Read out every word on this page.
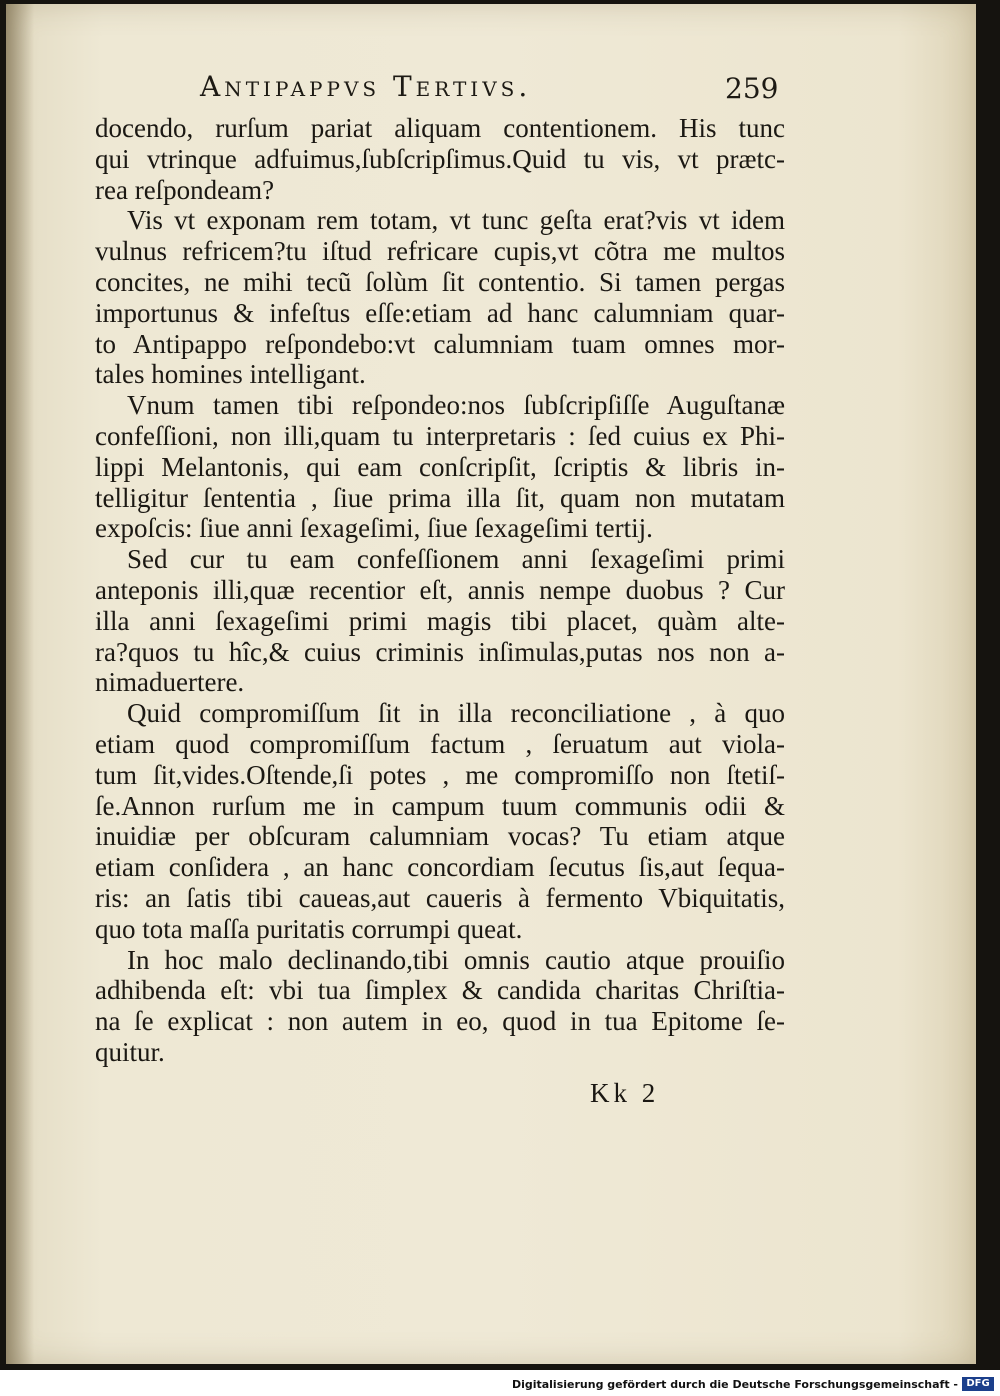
Antipappvs Tertivs.	259
docendo, rurſum pariat aliquam contentionem. His tunc
qui vtrinque adfuimus,ſubſcripſimus.Quid tu vis, vt prætc-
rea reſpondeam?
Vis vt exponam rem totam, vt tunc geſta erat?vis vt idem
vulnus refricem?tu iſtud refricare cupis,vt cõtra me multos
concites, ne mihi tecũ ſolùm ſit contentio. Si tamen pergas
importunus & infeſtus eſſe:etiam ad hanc calumniam quar-
to Antipappo reſpondebo:vt calumniam tuam omnes mor-
tales homines intelligant.
Vnum tamen tibi reſpondeo:nos ſubſcripſiſſe Auguſtanæ
confeſſioni, non illi,quam tu interpretaris : ſed cuius ex Phi-
lippi Melantonis, qui eam conſcripſit, ſcriptis & libris in-
telligitur ſententia , ſiue prima illa ſit, quam non mutatam
expoſcis: ſiue anni ſexageſimi, ſiue ſexageſimi tertij.
Sed cur tu eam confeſſionem anni ſexageſimi primi
anteponis illi,quæ recentior eſt, annis nempe duobus ? Cur
illa anni ſexageſimi primi magis tibi placet, quàm alte-
ra?quos tu hîc,& cuius criminis inſimulas,putas nos non a-
nimaduertere.
Quid compromiſſum ſit in illa reconciliatione , à quo
etiam quod compromiſſum factum , ſeruatum aut viola-
tum ſit,vides.Oſtende,ſi potes , me compromiſſo non ſtetiſ-
ſe.Annon rurſum me in campum tuum communis odii &
inuidiæ per obſcuram calumniam vocas? Tu etiam atque
etiam conſidera , an hanc concordiam ſecutus ſis,aut ſequa-
ris: an ſatis tibi caueas,aut caueris à fermento Vbiquitatis,
quo tota maſſa puritatis corrumpi queat.
In hoc malo declinando,tibi omnis cautio atque prouiſio
adhibenda eſt: vbi tua ſimplex & candida charitas Chriſtia-
na ſe explicat : non autem in eo, quod in tua Epitome ſe-
quitur.
Kk 2
Digitalisierung gefördert durch die Deutsche Forschungsgemeinschaft - DFG
